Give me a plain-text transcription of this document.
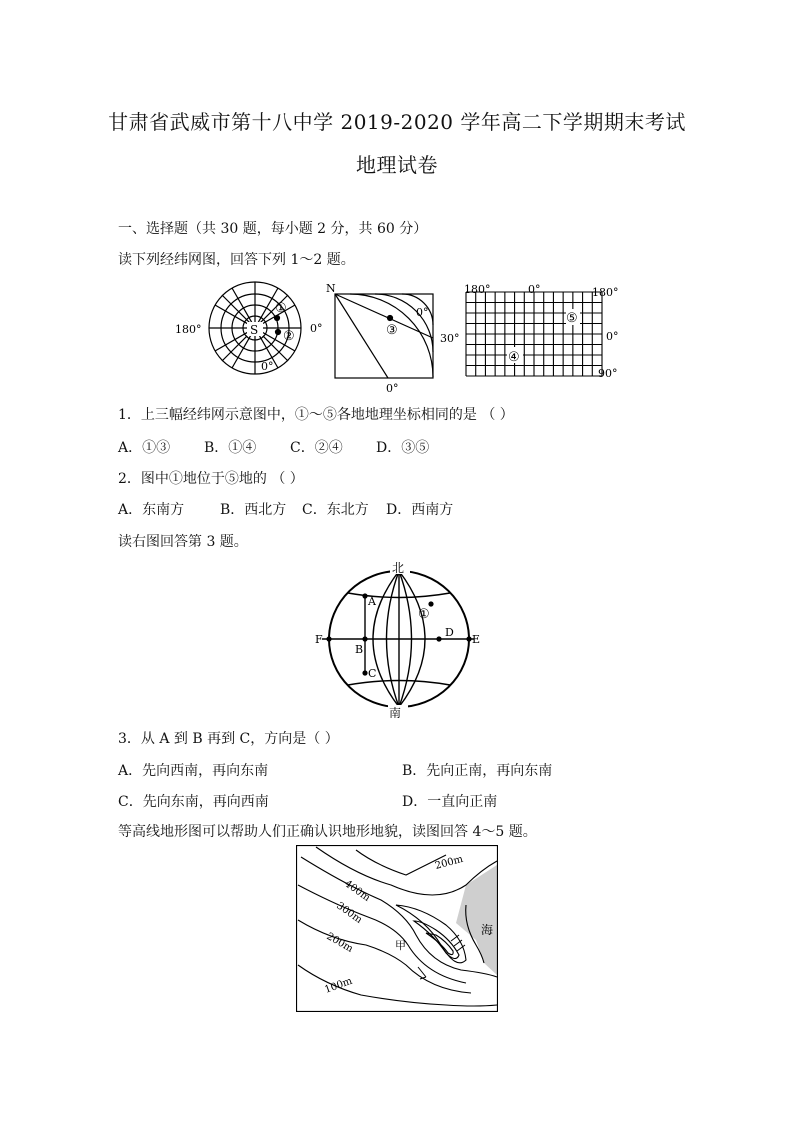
甘肃省武威市第十八中学 2019-2020 学年高二下学期期末考试
地理试卷
一、选择题（共 30 题，每小题 2 分，共 60 分）
读下列经纬网图，回答下列 1～2 题。
S
①
②
180°	0°
0°
N
③
0°
30°
0°
⑤
④
180°	0°	180°
0°
90°
1．上三幅经纬网示意图中，①～⑤各地地理坐标相同的是 （ ）
A．①③ B．①④ C．②④ D．③⑤
2．图中①地位于⑤地的 （ ）
A．东南方	B．西北方 C．东北方 D．西南方
读右图回答第 3 题。
北
南
A
B
C
D
E
F
①
3．从 A 到 B 再到 C，方向是（ ）
A．先向西南，再向东南	B．先向正南，再向东南
C．先向东南，再向西南	D．一直向正南
等高线地形图可以帮助人们正确认识地形地貌，读图回答 4～5 题。
海
甲
200m
400m
300m
200m
100m
